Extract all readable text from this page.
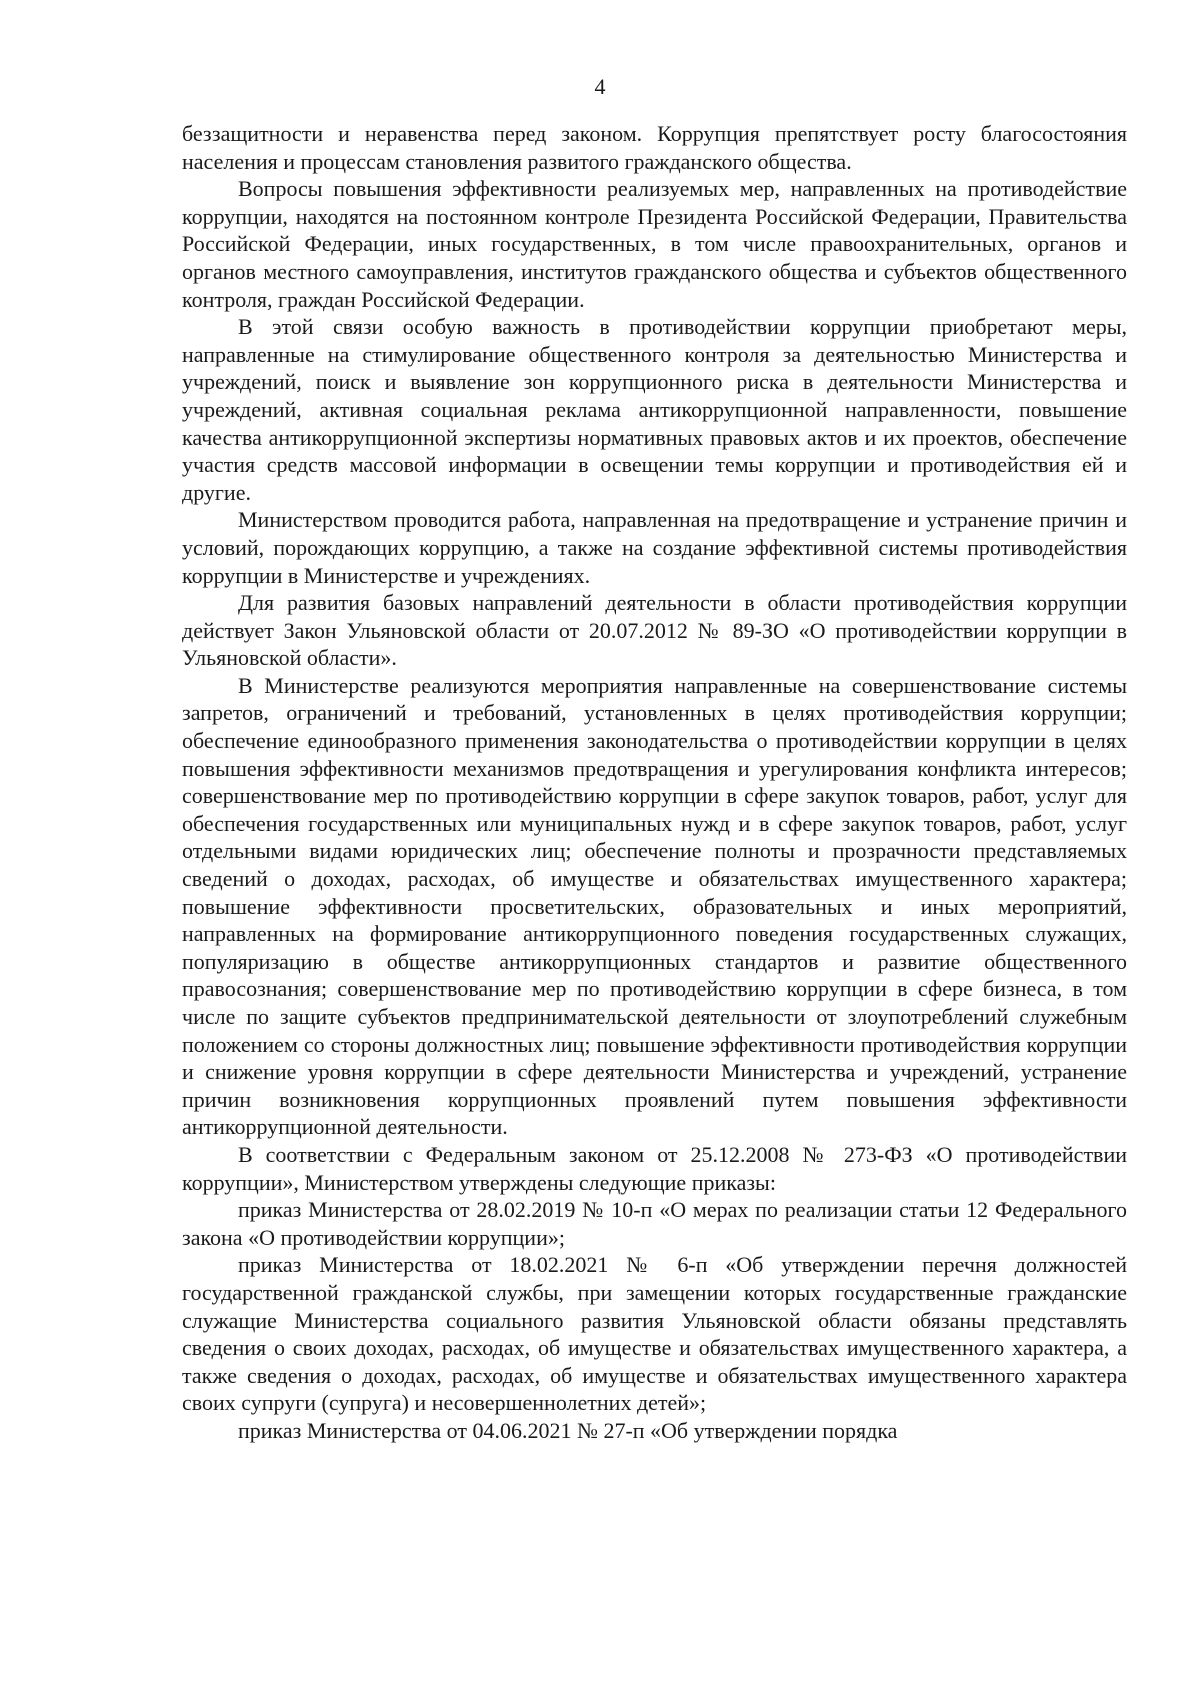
4

беззащитности и неравенства перед законом. Коррупция препятствует росту благосостояния населения и процессам становления развитого гражданского общества.

Вопросы повышения эффективности реализуемых мер, направленных на противодействие коррупции, находятся на постоянном контроле Президента Российской Федерации, Правительства Российской Федерации, иных государственных, в том числе правоохранительных, органов и органов местного самоуправления, институтов гражданского общества и субъектов общественного контроля, граждан Российской Федерации.

В этой связи особую важность в противодействии коррупции приобретают меры, направленные на стимулирование общественного контроля за деятельностью Министерства и учреждений, поиск и выявление зон коррупционного риска в деятельности Министерства и учреждений, активная социальная реклама антикоррупционной направленности, повышение качества антикоррупционной экспертизы нормативных правовых актов и их проектов, обеспечение участия средств массовой информации в освещении темы коррупции и противодействия ей и другие.

Министерством проводится работа, направленная на предотвращение и устранение причин и условий, порождающих коррупцию, а также на создание эффективной системы противодействия коррупции в Министерстве и учреждениях.

Для развития базовых направлений деятельности в области противодействия коррупции действует Закон Ульяновской области от 20.07.2012 № 89-ЗО «О противодействии коррупции в Ульяновской области».

В Министерстве реализуются мероприятия направленные на совершенствование системы запретов, ограничений и требований, установленных в целях противодействия коррупции; обеспечение единообразного применения законодательства о противодействии коррупции в целях повышения эффективности механизмов предотвращения и урегулирования конфликта интересов; совершенствование мер по противодействию коррупции в сфере закупок товаров, работ, услуг для обеспечения государственных или муниципальных нужд и в сфере закупок товаров, работ, услуг отдельными видами юридических лиц; обеспечение полноты и прозрачности представляемых сведений о доходах, расходах, об имуществе и обязательствах имущественного характера; повышение эффективности просветительских, образовательных и иных мероприятий, направленных на формирование антикоррупционного поведения государственных служащих, популяризацию в обществе антикоррупционных стандартов и развитие общественного правосознания; совершенствование мер по противодействию коррупции в сфере бизнеса, в том числе по защите субъектов предпринимательской деятельности от злоупотреблений служебным положением со стороны должностных лиц; повышение эффективности противодействия коррупции и снижение уровня коррупции в сфере деятельности Министерства и учреждений, устранение причин возникновения коррупционных проявлений путем повышения эффективности антикоррупционной деятельности.

В соответствии с Федеральным законом от 25.12.2008 № 273-ФЗ «О противодействии коррупции», Министерством утверждены следующие приказы:

приказ Министерства от 28.02.2019 № 10-п «О мерах по реализации статьи 12 Федерального закона «О противодействии коррупции»;

приказ Министерства от 18.02.2021 № 6-п «Об утверждении перечня должностей государственной гражданской службы, при замещении которых государственные гражданские служащие Министерства социального развития Ульяновской области обязаны представлять сведения о своих доходах, расходах, об имуществе и обязательствах имущественного характера, а также сведения о доходах, расходах, об имуществе и обязательствах имущественного характера своих супруги (супруга) и несовершеннолетних детей»;

приказ Министерства от 04.06.2021 № 27-п «Об утверждении порядка
